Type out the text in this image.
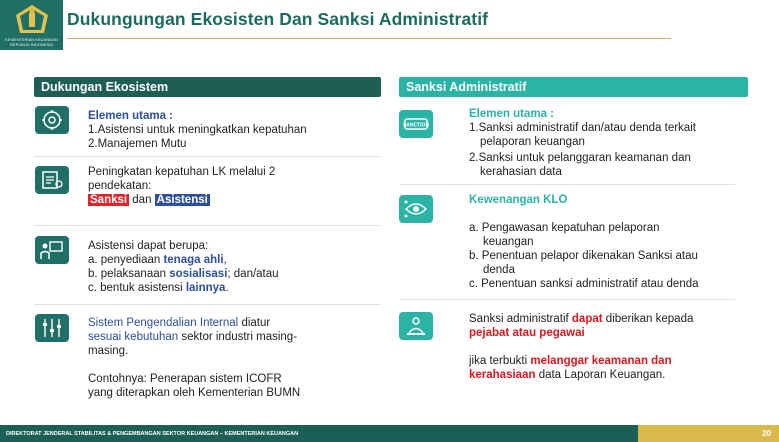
KEMENTERIAN KEUANGAN REPUBLIK INDONESIA
Dukungungan Ekosisten Dan Sanksi Administratif
Dukungan Ekosistem
Elemen utama :
1.Asistensi untuk meningkatkan kepatuhan
2.Manajemen Mutu
Peningkatan kepatuhan LK melalui 2
pendekatan:
Sanksi dan Asistensi
Asistensi dapat berupa:
a. penyediaan tenaga ahli,
b. pelaksanaan sosialisasi; dan/atau
c. bentuk asistensi lainnya.
Sistem Pengendalian Internal diatur
sesuai kebutuhan sektor industri masing-
masing.
Contohnya: Penerapan sistem ICOFR
yang diterapkan oleh Kementerian BUMN
Sanksi Administratif
SANCTION
Elemen utama :
1.Sanksi administratif dan/atau denda terkait
pelaporan keuangan
2.Sanksi untuk pelanggaran keamanan dan
kerahasian data
Kewenangan KLO
a. Pengawasan kepatuhan pelaporan
keuangan
b. Penentuan pelapor dikenakan Sanksi atau
denda
c. Penentuan sanksi administratif atau denda
Sanksi administratif dapat diberikan kepada
pejabat atau pegawai
jika terbukti melanggar keamanan dan
kerahasiaan data Laporan Keuangan.
DIREKTORAT JENDERAL STABILITAS & PENGEMBANGAN SEKTOR KEUANGAN – KEMENTERIAN KEUANGAN	20
